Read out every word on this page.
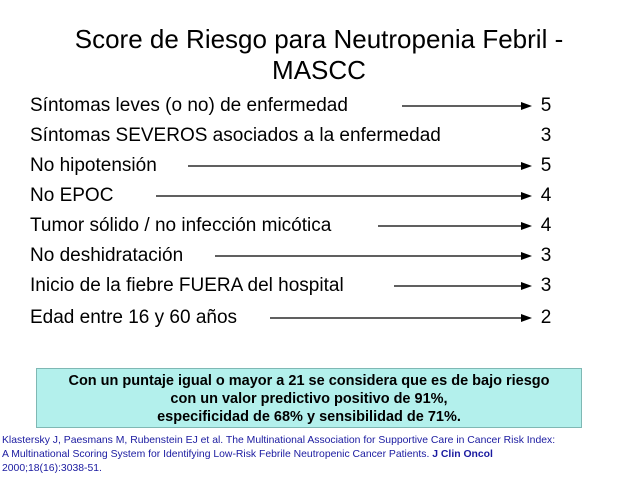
Score de Riesgo para Neutropenia Febril -
MASCC
Síntomas leves (o no) de enfermedad	5
Síntomas SEVEROS asociados a la enfermedad	3
No hipotensión	5
No EPOC	4
Tumor sólido / no infección micótica	4
No deshidratación	3
Inicio de la fiebre FUERA del hospital	3
Edad entre 16 y 60 años	2
Con un puntaje igual o mayor a 21 se considera que es de bajo riesgo
con un valor predictivo positivo de 91%,
especificidad de 68% y sensibilidad de 71%.
Klastersky J, Paesmans M, Rubenstein EJ et al. The Multinational Association for Supportive Care in Cancer Risk Index:
A Multinational Scoring System for Identifying Low-Risk Febrile Neutropenic Cancer Patients. J Clin Oncol
2000;18(16):3038-51.
